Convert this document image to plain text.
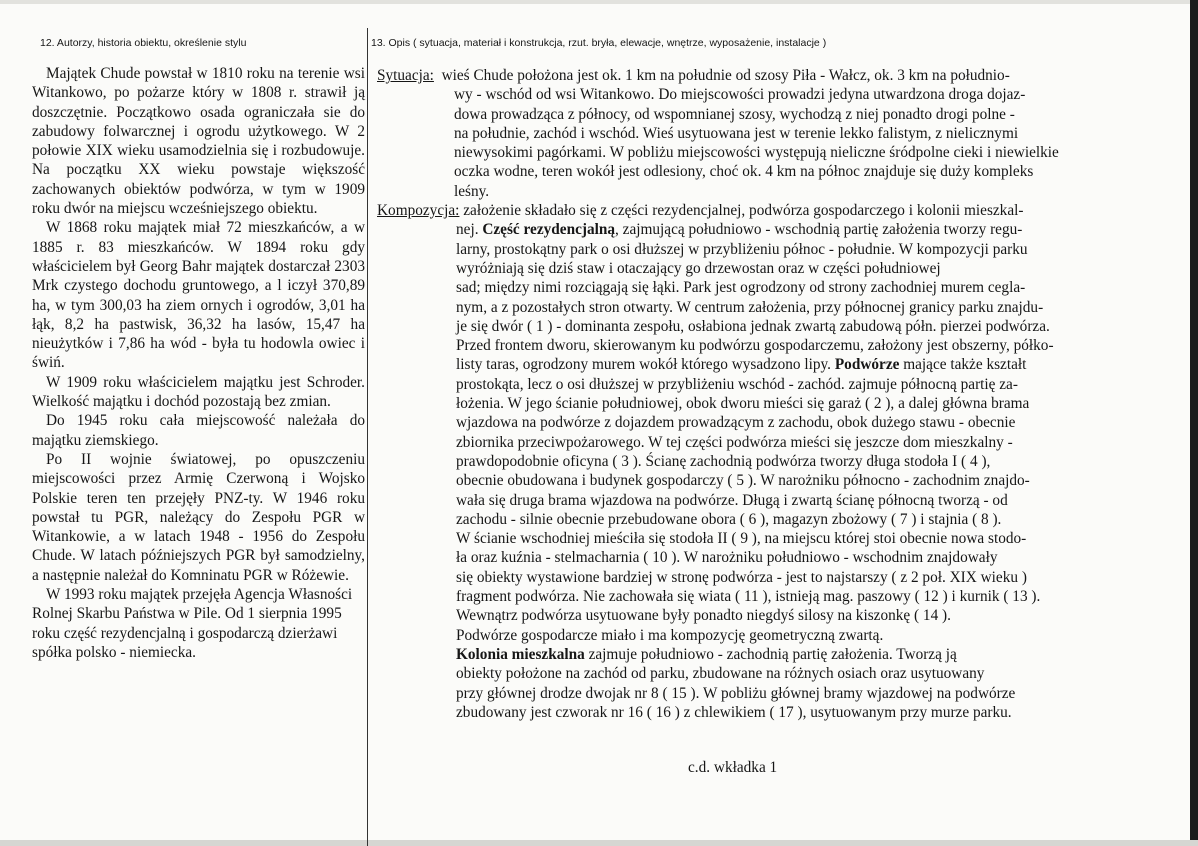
12. Autorzy, historia obiektu, określenie stylu	13. Opis ( sytuacja, materiał i konstrukcja, rzut. bryła, elewacje, wnętrze, wyposażenie, instalacje )

Majątek Chude powstał w 1810 roku na terenie wsi Witankowo, po pożarze który w 1808 r. strawił ją doszczętnie. Początkowo osada ograniczała sie do zabudowy folwarcznej i ogrodu użytkowego. W 2 połowie XIX wieku usamodzielnia się i rozbudowuje. Na początku XX wieku powstaje większość zachowanych obiektów podwórza, w tym w 1909 roku dwór na miejscu wcześniejszego obiektu.

W 1868 roku majątek miał 72 mieszkańców, a w 1885 r. 83 mieszkańców. W 1894 roku gdy właścicielem był Georg Bahr majątek dostarczał 2303 Mrk czystego dochodu gruntowego, a l iczył 370,89 ha, w tym 300,03 ha ziem ornych i ogrodów, 3,01 ha łąk, 8,2 ha pastwisk, 36,32 ha lasów, 15,47 ha nieużytków i 7,86 ha wód - była tu hodowla owiec i świń.

W 1909 roku właścicielem majątku jest Schroder. Wielkość majątku i dochód pozostają bez zmian.

Do 1945 roku cała miejscowość należała do majątku ziemskiego.

Po II wojnie światowej, po opuszczeniu miejscowości przez Armię Czerwoną i Wojsko Polskie teren ten przejęły PNZ-ty. W 1946 roku powstał tu PGR, należący do Zespołu PGR w Witankowie, a w latach 1948 - 1956 do Zespołu Chude. W latach późniejszych PGR był samodzielny, a następnie należał do Komninatu PGR w Różewie.

W 1993 roku majątek przejęła Agencja Własności Rolnej Skarbu Państwa w Pile. Od 1 sierpnia 1995 roku część rezydencjalną i gospodarczą dzierżawi spółka polsko - niemiecka.

Sytuacja: wieś Chude położona jest ok. 1 km na południe od szosy Piła - Wałcz, ok. 3 km na południo-
wy - wschód od wsi Witankowo. Do miejscowości prowadzi jedyna utwardzona droga dojaz-
dowa prowadząca z północy, od wspomnianej szosy, wychodzą z niej ponadto drogi polne -
na południe, zachód i wschód. Wieś usytuowana jest w terenie lekko falistym, z nielicznymi
niewysokimi pagórkami. W pobliżu miejscowości występują nieliczne śródpolne cieki i niewielkie
oczka wodne, teren wokół jest odlesiony, choć ok. 4 km na północ znajduje się duży kompleks
leśny.
Kompozycja: założenie składało się z części rezydencjalnej, podwórza gospodarczego i kolonii mieszkal-
nej. Część rezydencjalną, zajmującą południowo - wschodnią partię założenia tworzy regu-
larny, prostokątny park o osi dłuższej w przybliżeniu północ - południe. W kompozycji parku
wyróżniają się dziś staw i otaczający go drzewostan oraz w części południowej
sad; między nimi rozciągają się łąki. Park jest ogrodzony od strony zachodniej murem cegla-
nym, a z pozostałych stron otwarty. W centrum założenia, przy północnej granicy parku znajdu-
je się dwór ( 1 ) - dominanta zespołu, osłabiona jednak zwartą zabudową półn. pierzei podwórza.
Przed frontem dworu, skierowanym ku podwórzu gospodarczemu, założony jest obszerny, półko-
listy taras, ogrodzony murem wokół którego wysadzono lipy. Podwórze mające także kształt
prostokąta, lecz o osi dłuższej w przybliżeniu wschód - zachód. zajmuje północną partię za-
łożenia. W jego ścianie południowej, obok dworu mieści się garaż ( 2 ), a dalej główna brama
wjazdowa na podwórze z dojazdem prowadzącym z zachodu, obok dużego stawu - obecnie
zbiornika przeciwpożarowego. W tej części podwórza mieści się jeszcze dom mieszkalny -
prawdopodobnie oficyna ( 3 ). Ścianę zachodnią podwórza tworzy długa stodoła I ( 4 ),
obecnie obudowana i budynek gospodarczy ( 5 ). W narożniku północno - zachodnim znajdo-
wała się druga brama wjazdowa na podwórze. Długą i zwartą ścianę północną tworzą - od
zachodu - silnie obecnie przebudowane obora ( 6 ), magazyn zbożowy ( 7 ) i stajnia ( 8 ).
W ścianie wschodniej mieściła się stodoła II ( 9 ), na miejscu której stoi obecnie nowa stodo-
ła oraz kuźnia - stelmacharnia ( 10 ). W narożniku południowo - wschodnim znajdowały
się obiekty wystawione bardziej w stronę podwórza - jest to najstarszy ( z 2 poł. XIX wieku )
fragment podwórza. Nie zachowała się wiata ( 11 ), istnieją mag. paszowy ( 12 ) i kurnik ( 13 ).
Wewnątrz podwórza usytuowane były ponadto niegdyś silosy na kiszonkę ( 14 ).
Podwórze gospodarcze miało i ma kompozycję geometryczną zwartą.
Kolonia mieszkalna zajmuje południowo - zachodnią partię założenia. Tworzą ją
obiekty położone na zachód od parku, zbudowane na różnych osiach oraz usytuowany
przy głównej drodze dwojak nr 8 ( 15 ). W pobliżu głównej bramy wjazdowej na podwórze
zbudowany jest czworak nr 16 ( 16 ) z chlewikiem ( 17 ), usytuowanym przy murze parku.
c.d. wkładka 1
